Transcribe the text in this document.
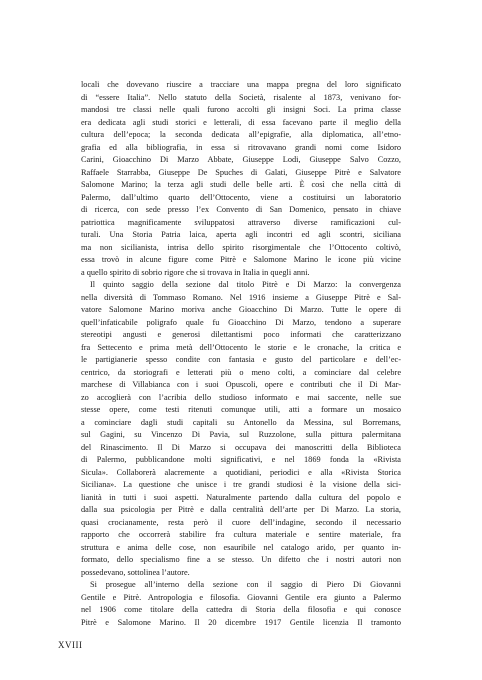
locali che dovevano riuscire a tracciare una mappa pregna del loro significato
di “essere Italia”. Nello statuto della Società, risalente al 1873, venivano for-
mandosi tre classi nelle quali furono accolti gli insigni Soci. La prima classe
era dedicata agli studi storici e letterali, di essa facevano parte il meglio della
cultura dell’epoca; la seconda dedicata all’epigrafie, alla diplomatica, all’etno-
grafia ed alla bibliografia, in essa si ritrovavano grandi nomi come Isidoro
Carini, Gioacchino Di Marzo Abbate, Giuseppe Lodi, Giuseppe Salvo Cozzo,
Raffaele Starrabba, Giuseppe De Spuches di Galati, Giuseppe Pitrè e Salvatore
Salomone Marino; la terza agli studi delle belle arti. È così che nella città di
Palermo, dall’ultimo quarto dell’Ottocento, viene a costituirsi un laboratorio
di ricerca, con sede presso l’ex Convento di San Domenico, pensato in chiave
patriottica magnificamente sviluppatosi attraverso diverse ramificazioni cul-
turali. Una Storia Patria laica, aperta agli incontri ed agli scontri, siciliana
ma non sicilianista, intrisa dello spirito risorgimentale che l’Ottocento coltivò,
essa trovò in alcune figure come Pitrè e Salomone Marino le icone più vicine
a quello spirito di sobrio rigore che si trovava in Italia in quegli anni.
Il quinto saggio della sezione dal titolo Pitrè e Di Marzo: la convergenza
nella diversità di Tommaso Romano. Nel 1916 insieme a Giuseppe Pitrè e Sal-
vatore Salomone Marino moriva anche Gioacchino Di Marzo. Tutte le opere di
quell’infaticabile poligrafo quale fu Gioacchino Di Marzo, tendono a superare
stereotipi angusti e generosi dilettantismi poco informati che caratterizzano
fra Settecento e prima metà dell’Ottocento le storie e le cronache, la critica e
le partigianerie spesso condite con fantasia e gusto del particolare e dell’ec-
centrico, da storiografi e letterati più o meno colti, a cominciare dal celebre
marchese di Villabianca con i suoi Opuscoli, opere e contributi che il Di Mar-
zo accoglierà con l’acribia dello studioso informato e mai saccente, nelle sue
stesse opere, come testi ritenuti comunque utili, atti a formare un mosaico
a cominciare dagli studi capitali su Antonello da Messina, sul Borremans,
sul Gagini, su Vincenzo Di Pavia, sul Ruzzolone, sulla pittura palermitana
del Rinascimento. Il Di Marzo si occupava dei manoscritti della Biblioteca
di Palermo, pubblicandone molti significativi, e nel 1869 fonda la «Rivista
Sicula». Collaborerà alacremente a quotidiani, periodici e alla «Rivista Storica
Siciliana». La questione che unisce i tre grandi studiosi è la visione della sici-
lianità in tutti i suoi aspetti. Naturalmente partendo dalla cultura del popolo e
dalla sua psicologia per Pitrè e dalla centralità dell’arte per Di Marzo. La storia,
quasi crocianamente, resta però il cuore dell’indagine, secondo il necessario
rapporto che occorrerà stabilire fra cultura materiale e sentire materiale, fra
struttura e anima delle cose, non esauribile nel catalogo arido, per quanto in-
formato, dello specialismo fine a se stesso. Un difetto che i nostri autori non
possedevano, sottolinea l’autore.
Si prosegue all’interno della sezione con il saggio di Piero Di Giovanni
Gentile e Pitrè. Antropologia e filosofia. Giovanni Gentile era giunto a Palermo
nel 1906 come titolare della cattedra di Storia della filosofia e qui conosce
Pitrè e Salomone Marino. Il 20 dicembre 1917 Gentile licenzia Il tramonto
XVIII
